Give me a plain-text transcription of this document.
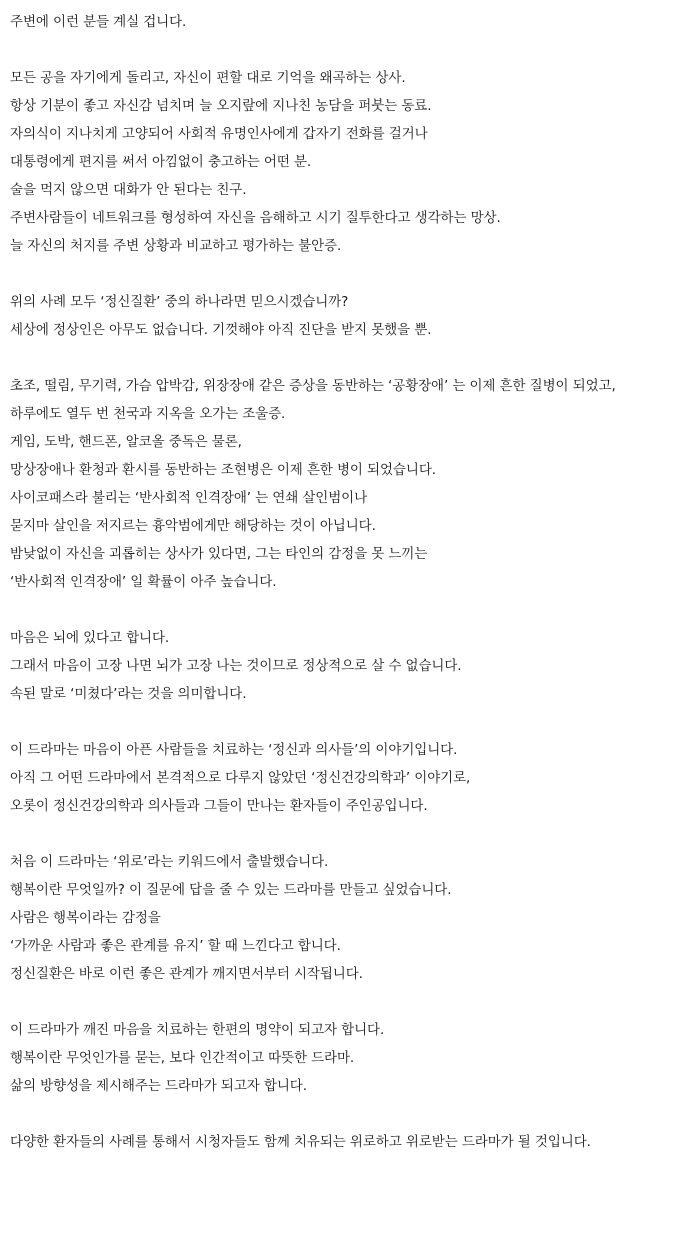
주변에 이런 분들 계실 겁니다.
모든 공을 자기에게 돌리고, 자신이 편할 대로 기억을 왜곡하는 상사.
항상 기분이 좋고 자신감 넘치며 늘 오지랖에 지나친 농담을 퍼붓는 동료.
자의식이 지나치게 고양되어 사회적 유명인사에게 갑자기 전화를 걸거나
대통령에게 편지를 써서 아낌없이 충고하는 어떤 분.
술을 먹지 않으면 대화가 안 된다는 친구.
주변사람들이 네트워크를 형성하여 자신을 음해하고 시기 질투한다고 생각하는 망상.
늘 자신의 처지를 주변 상황과 비교하고 평가하는 불안증.
위의 사례 모두 ‘정신질환’ 중의 하나라면 믿으시겠습니까?
세상에 정상인은 아무도 없습니다. 기껏해야 아직 진단을 받지 못했을 뿐.
초조, 떨림, 무기력, 가슴 압박감, 위장장애 같은 증상을 동반하는 ‘공황장애’ 는 이제 흔한 질병이 되었고,
하루에도 열두 번 천국과 지옥을 오가는 조울증.
게임, 도박, 핸드폰, 알코올 중독은 물론,
망상장애나 환청과 환시를 동반하는 조현병은 이제 흔한 병이 되었습니다.
사이코패스라 불리는 ‘반사회적 인격장애’ 는 연쇄 살인범이나
묻지마 살인을 저지르는 흉악범에게만 해당하는 것이 아닙니다.
밤낮없이 자신을 괴롭히는 상사가 있다면, 그는 타인의 감정을 못 느끼는
‘반사회적 인격장애’ 일 확률이 아주 높습니다.
마음은 뇌에 있다고 합니다.
그래서 마음이 고장 나면 뇌가 고장 나는 것이므로 정상적으로 살 수 없습니다.
속된 말로 ‘미쳤다’라는 것을 의미합니다.
이 드라마는 마음이 아픈 사람들을 치료하는 ‘정신과 의사들’의 이야기입니다.
아직 그 어떤 드라마에서 본격적으로 다루지 않았던 ‘정신건강의학과’ 이야기로,
오롯이 정신건강의학과 의사들과 그들이 만나는 환자들이 주인공입니다.
처음 이 드라마는 ‘위로’라는 키워드에서 출발했습니다.
행복이란 무엇일까? 이 질문에 답을 줄 수 있는 드라마를 만들고 싶었습니다.
사람은 행복이라는 감정을
‘가까운 사람과 좋은 관계를 유지’ 할 때 느낀다고 합니다.
정신질환은 바로 이런 좋은 관계가 깨지면서부터 시작됩니다.
이 드라마가 깨진 마음을 치료하는 한편의 명약이 되고자 합니다.
행복이란 무엇인가를 묻는, 보다 인간적이고 따뜻한 드라마.
삶의 방향성을 제시해주는 드라마가 되고자 합니다.
다양한 환자들의 사례를 통해서 시청자들도 함께 치유되는 위로하고 위로받는 드라마가 될 것입니다.
